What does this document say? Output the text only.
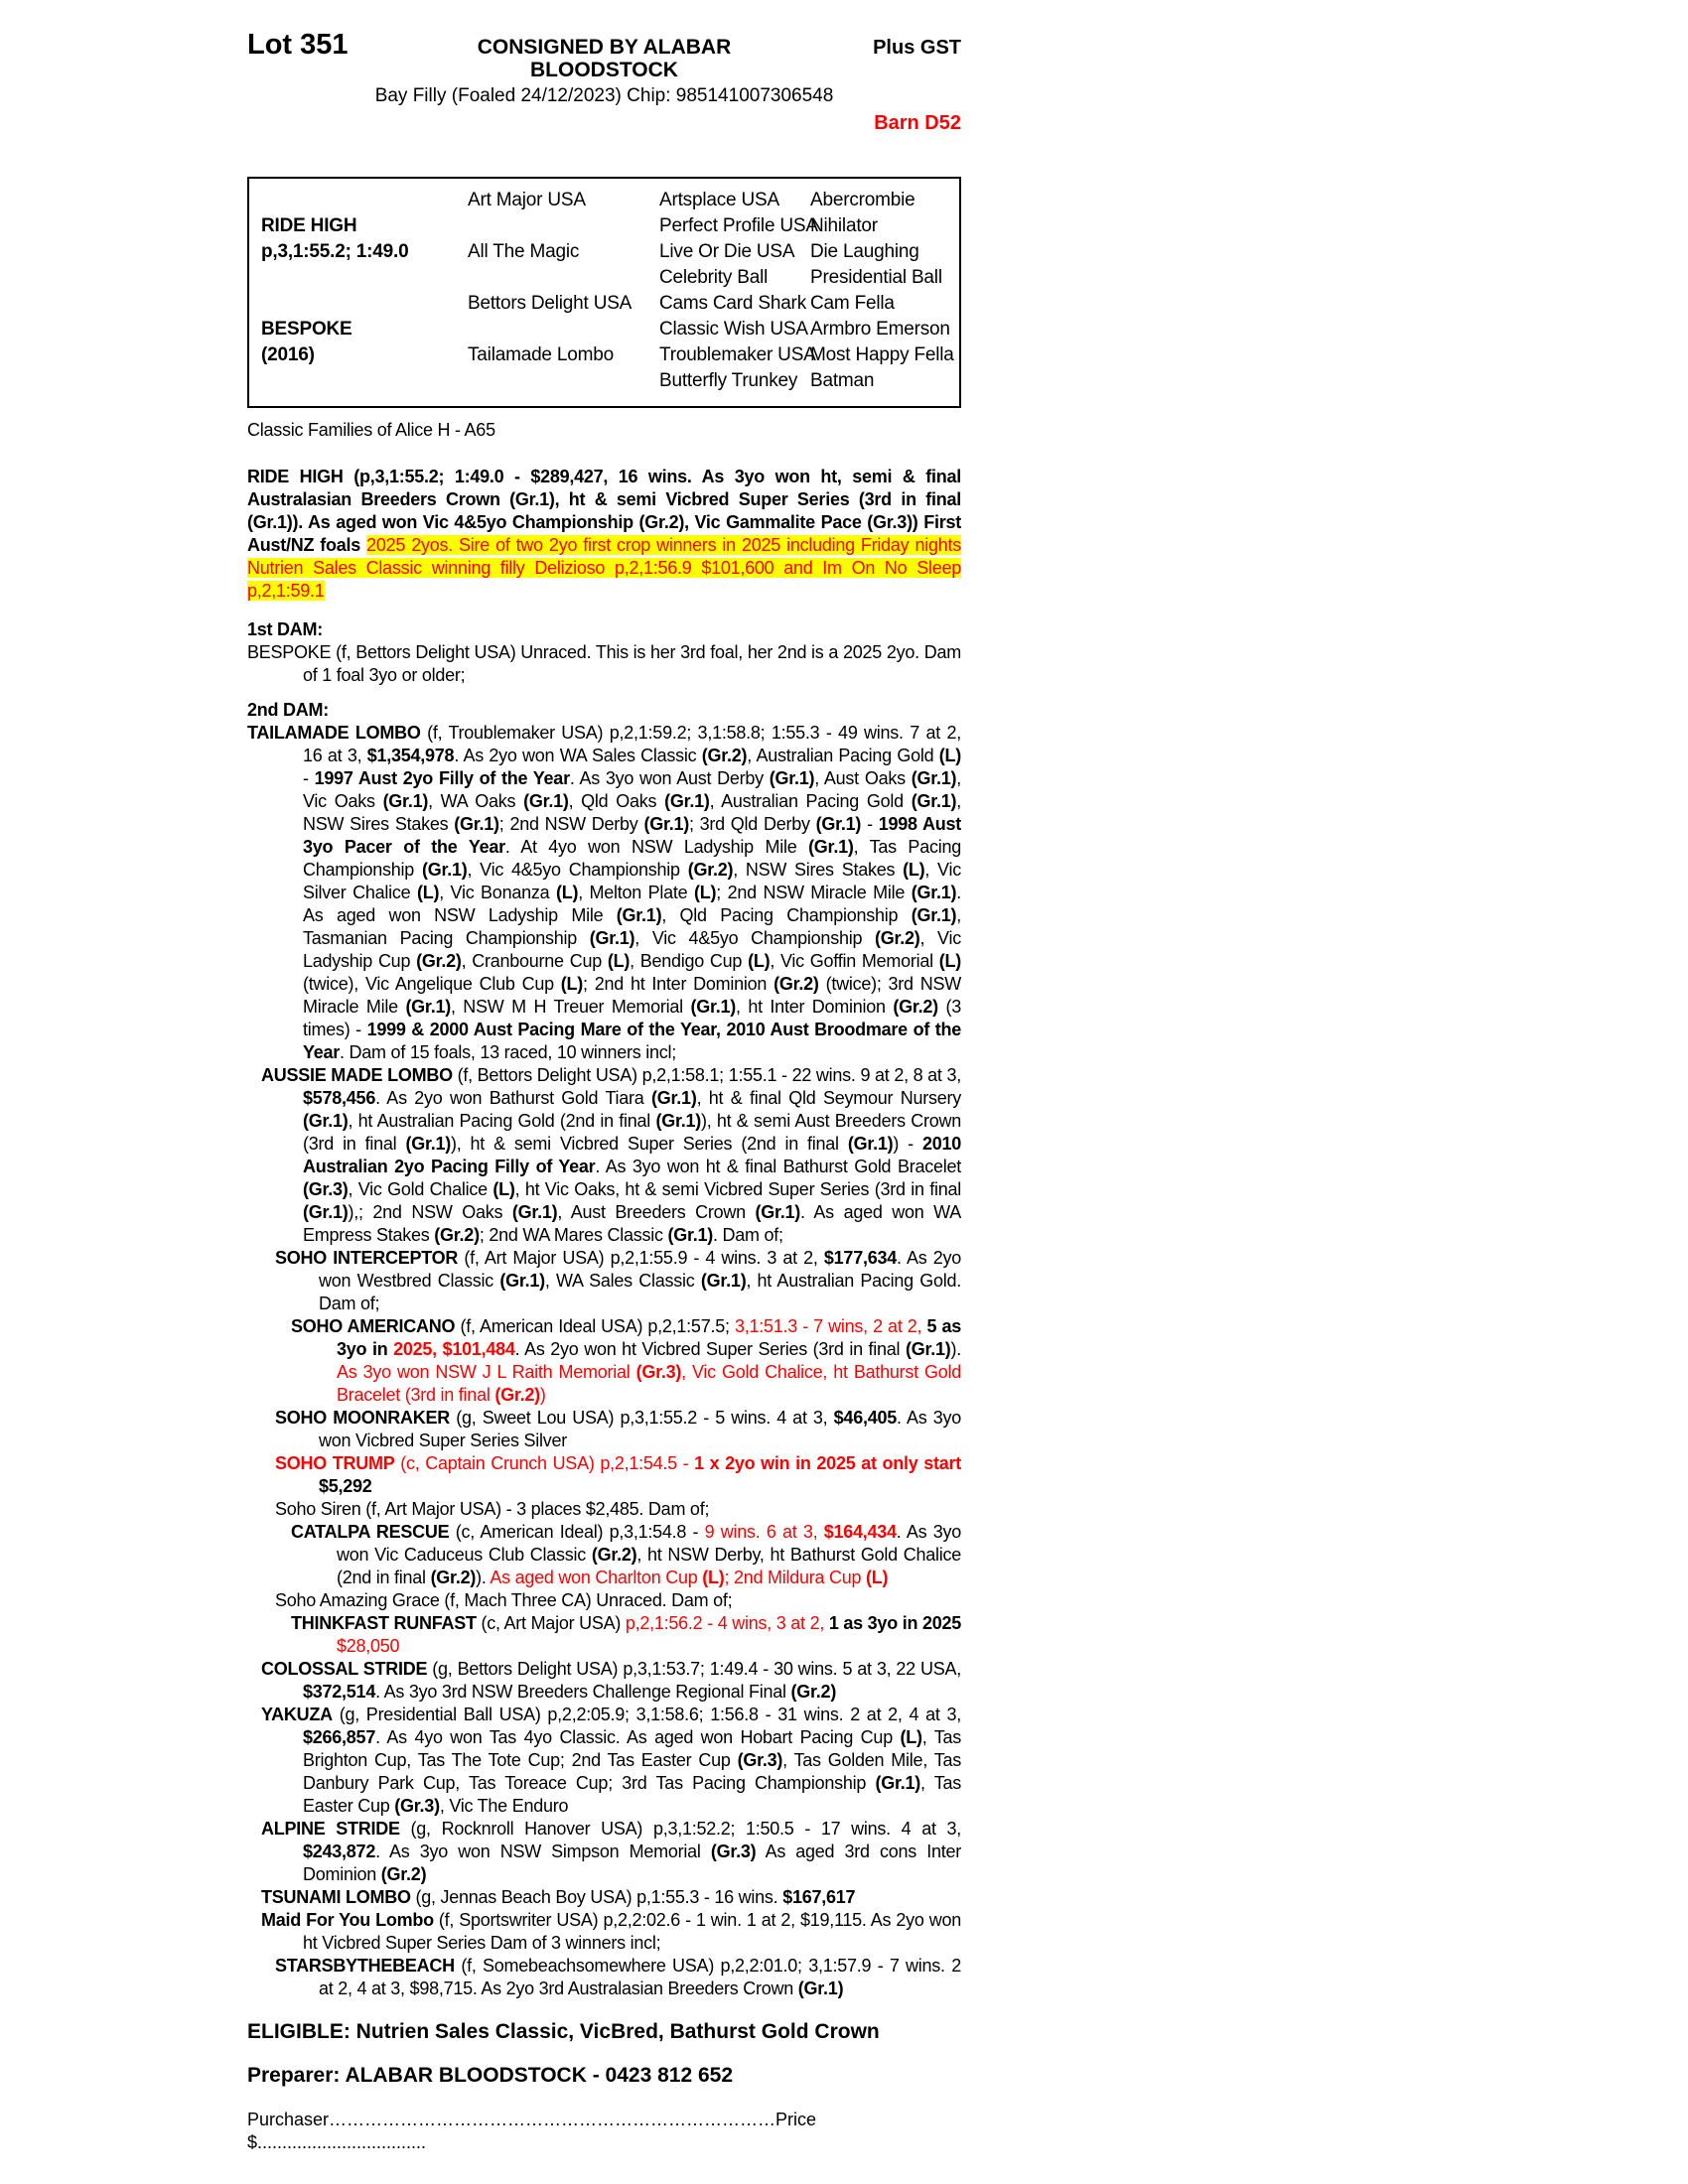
Lot 351	CONSIGNED BY ALABAR BLOODSTOCK
Plus GST
Bay Filly (Foaled 24/12/2023) Chip: 985141007306548
Barn D52
RIDE HIGH
p,3,1:55.2; 1:49.0
BESPOKE
(2016)
Art Major USA
All The Magic
Bettors Delight USA
Tailamade Lombo
Artsplace USA
Perfect Profile USA
Live Or Die USA
Celebrity Ball
Cams Card Shark
Classic Wish USA
Troublemaker USA
Butterfly Trunkey
Abercrombie
Nihilator
Die Laughing
Presidential Ball
Cam Fella
Armbro Emerson
Most Happy Fella
Batman
Classic Families of Alice H - A65
RIDE HIGH (p,3,1:55.2; 1:49.0 - $289,427, 16 wins. As 3yo won ht, semi & final Australasian Breeders Crown (Gr.1), ht & semi Vicbred Super Series (3rd in final (Gr.1)). As aged won Vic 4&5yo Championship (Gr.2), Vic Gammalite Pace (Gr.3)) First Aust/NZ foals 2025 2yos. Sire of two 2yo first crop winners in 2025 including Friday nights Nutrien Sales Classic winning filly Delizioso p,2,1:56.9 $101,600 and Im On No Sleep p,2,1:59.1
1st DAM:
BESPOKE (f, Bettors Delight USA) Unraced. This is her 3rd foal, her 2nd is a 2025 2yo. Dam of 1 foal 3yo or older;
2nd DAM:
TAILAMADE LOMBO (f, Troublemaker USA) p,2,1:59.2; 3,1:58.8; 1:55.3 - 49 wins. 7 at 2, 16 at 3, $1,354,978. As 2yo won WA Sales Classic (Gr.2), Australian Pacing Gold (L) - 1997 Aust 2yo Filly of the Year. As 3yo won Aust Derby (Gr.1), Aust Oaks (Gr.1), Vic Oaks (Gr.1), WA Oaks (Gr.1), Qld Oaks (Gr.1), Australian Pacing Gold (Gr.1), NSW Sires Stakes (Gr.1); 2nd NSW Derby (Gr.1); 3rd Qld Derby (Gr.1) - 1998 Aust 3yo Pacer of the Year. At 4yo won NSW Ladyship Mile (Gr.1), Tas Pacing Championship (Gr.1), Vic 4&5yo Championship (Gr.2), NSW Sires Stakes (L), Vic Silver Chalice (L), Vic Bonanza (L), Melton Plate (L); 2nd NSW Miracle Mile (Gr.1). As aged won NSW Ladyship Mile (Gr.1), Qld Pacing Championship (Gr.1), Tasmanian Pacing Championship (Gr.1), Vic 4&5yo Championship (Gr.2), Vic Ladyship Cup (Gr.2), Cranbourne Cup (L), Bendigo Cup (L), Vic Goffin Memorial (L) (twice), Vic Angelique Club Cup (L); 2nd ht Inter Dominion (Gr.2) (twice); 3rd NSW Miracle Mile (Gr.1), NSW M H Treuer Memorial (Gr.1), ht Inter Dominion (Gr.2) (3 times) - 1999 & 2000 Aust Pacing Mare of the Year, 2010 Aust Broodmare of the Year. Dam of 15 foals, 13 raced, 10 winners incl;
AUSSIE MADE LOMBO (f, Bettors Delight USA) p,2,1:58.1; 1:55.1 - 22 wins. 9 at 2, 8 at 3, $578,456. As 2yo won Bathurst Gold Tiara (Gr.1), ht & final Qld Seymour Nursery (Gr.1), ht Australian Pacing Gold (2nd in final (Gr.1)), ht & semi Aust Breeders Crown (3rd in final (Gr.1)), ht & semi Vicbred Super Series (2nd in final (Gr.1)) - 2010 Australian 2yo Pacing Filly of Year. As 3yo won ht & final Bathurst Gold Bracelet (Gr.3), Vic Gold Chalice (L), ht Vic Oaks, ht & semi Vicbred Super Series (3rd in final (Gr.1)),; 2nd NSW Oaks (Gr.1), Aust Breeders Crown (Gr.1). As aged won WA Empress Stakes (Gr.2); 2nd WA Mares Classic (Gr.1). Dam of;
SOHO INTERCEPTOR (f, Art Major USA) p,2,1:55.9 - 4 wins. 3 at 2, $177,634. As 2yo won Westbred Classic (Gr.1), WA Sales Classic (Gr.1), ht Australian Pacing Gold. Dam of;
SOHO AMERICANO (f, American Ideal USA) p,2,1:57.5; 3,1:51.3 - 7 wins, 2 at 2, 5 as 3yo in 2025, $101,484. As 2yo won ht Vicbred Super Series (3rd in final (Gr.1)). As 3yo won NSW J L Raith Memorial (Gr.3), Vic Gold Chalice, ht Bathurst Gold Bracelet (3rd in final (Gr.2))
SOHO MOONRAKER (g, Sweet Lou USA) p,3,1:55.2 - 5 wins. 4 at 3, $46,405. As 3yo won Vicbred Super Series Silver
SOHO TRUMP (c, Captain Crunch USA) p,2,1:54.5 - 1 x 2yo win in 2025 at only start $5,292
Soho Siren (f, Art Major USA) - 3 places $2,485. Dam of;
CATALPA RESCUE (c, American Ideal) p,3,1:54.8 - 9 wins. 6 at 3, $164,434. As 3yo won Vic Caduceus Club Classic (Gr.2), ht NSW Derby, ht Bathurst Gold Chalice (2nd in final (Gr.2)). As aged won Charlton Cup (L); 2nd Mildura Cup (L)
Soho Amazing Grace (f, Mach Three CA) Unraced. Dam of;
THINKFAST RUNFAST (c, Art Major USA) p,2,1:56.2 - 4 wins, 3 at 2, 1 as 3yo in 2025 $28,050
COLOSSAL STRIDE (g, Bettors Delight USA) p,3,1:53.7; 1:49.4 - 30 wins. 5 at 3, 22 USA, $372,514. As 3yo 3rd NSW Breeders Challenge Regional Final (Gr.2)
YAKUZA (g, Presidential Ball USA) p,2,2:05.9; 3,1:58.6; 1:56.8 - 31 wins. 2 at 2, 4 at 3, $266,857. As 4yo won Tas 4yo Classic. As aged won Hobart Pacing Cup (L), Tas Brighton Cup, Tas The Tote Cup; 2nd Tas Easter Cup (Gr.3), Tas Golden Mile, Tas Danbury Park Cup, Tas Toreace Cup; 3rd Tas Pacing Championship (Gr.1), Tas Easter Cup (Gr.3), Vic The Enduro
ALPINE STRIDE (g, Rocknroll Hanover USA) p,3,1:52.2; 1:50.5 - 17 wins. 4 at 3, $243,872. As 3yo won NSW Simpson Memorial (Gr.3) As aged 3rd cons Inter Dominion (Gr.2)
TSUNAMI LOMBO (g, Jennas Beach Boy USA) p,1:55.3 - 16 wins. $167,617
Maid For You Lombo (f, Sportswriter USA) p,2,2:02.6 - 1 win. 1 at 2, $19,115. As 2yo won ht Vicbred Super Series Dam of 3 winners incl;
STARSBYTHEBEACH (f, Somebeachsomewhere USA) p,2,2:01.0; 3,1:57.9 - 7 wins. 2 at 2, 4 at 3, $98,715. As 2yo 3rd Australasian Breeders Crown (Gr.1)
ELIGIBLE: Nutrien Sales Classic, VicBred, Bathurst Gold Crown
Preparer: ALABAR BLOODSTOCK - 0423 812 652
Purchaser…………………………………………………………………Price $..................................
